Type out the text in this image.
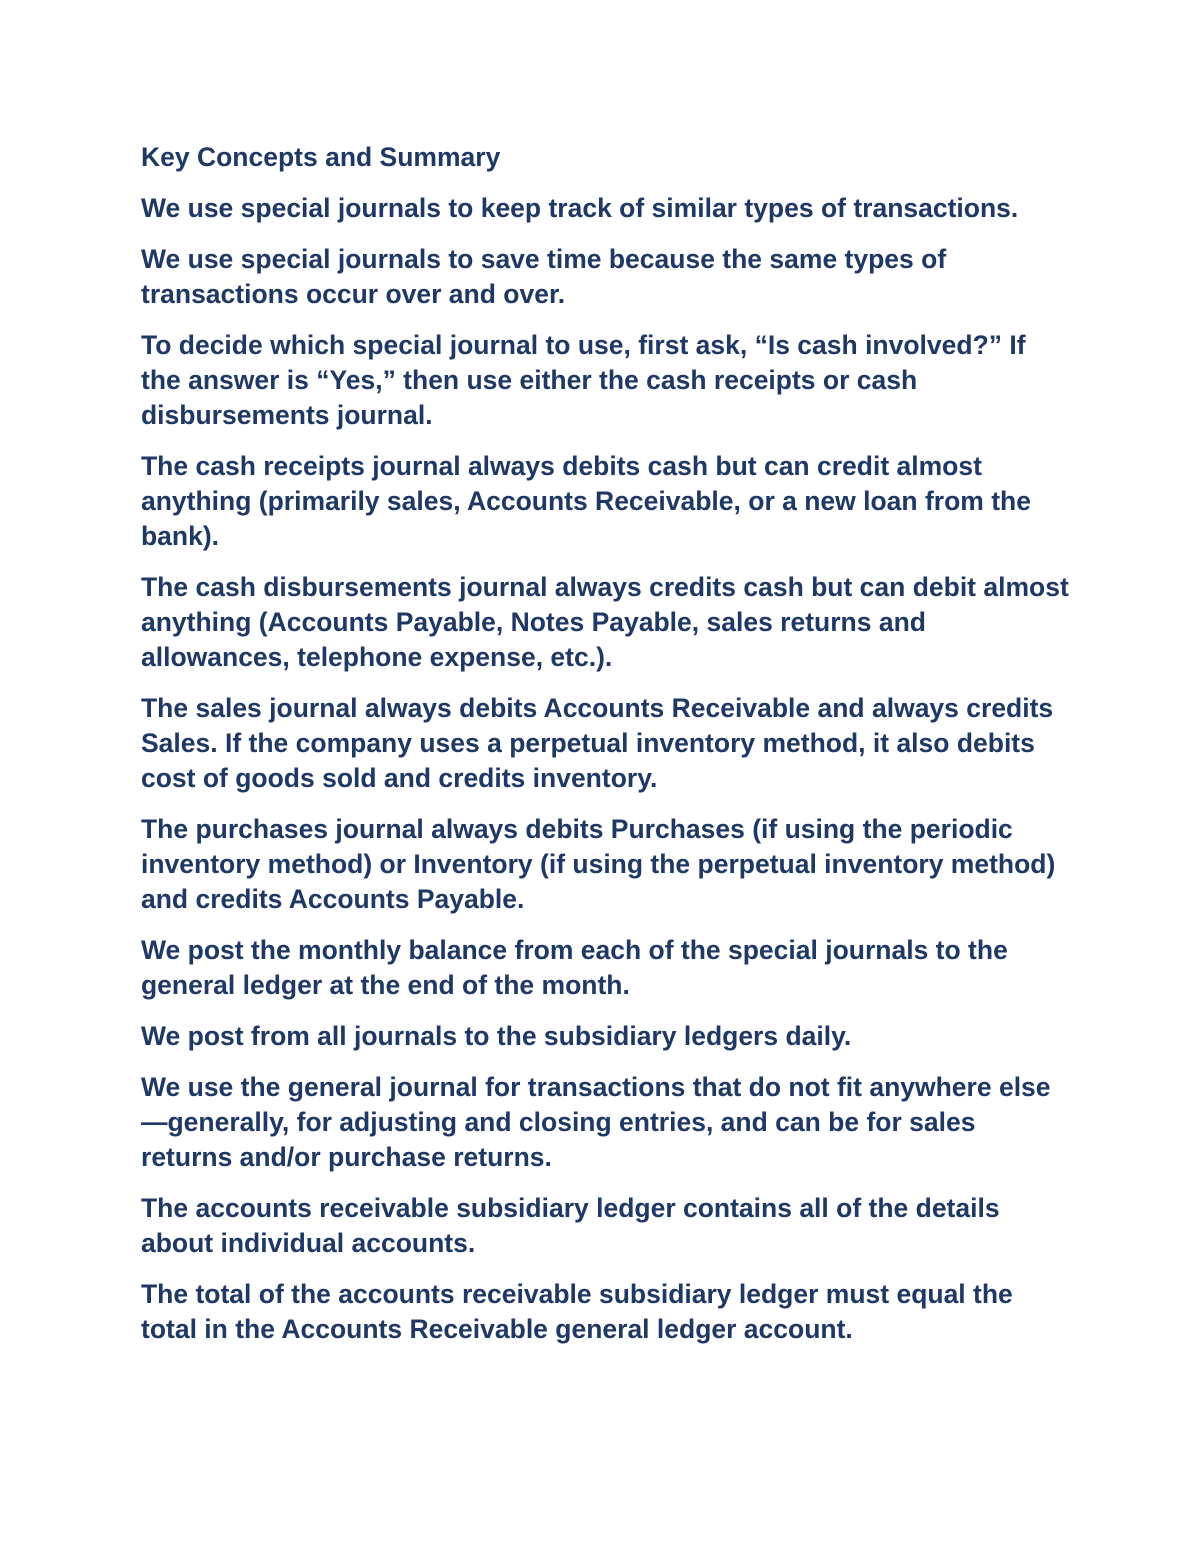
Key Concepts and Summary

We use special journals to keep track of similar types of transactions.

We use special journals to save time because the same types of transactions occur over and over.

To decide which special journal to use, first ask, “Is cash involved?” If the answer is “Yes,” then use either the cash receipts or cash disbursements journal.

The cash receipts journal always debits cash but can credit almost anything (primarily sales, Accounts Receivable, or a new loan from the bank).

The cash disbursements journal always credits cash but can debit almost anything (Accounts Payable, Notes Payable, sales returns and allowances, telephone expense, etc.).

The sales journal always debits Accounts Receivable and always credits Sales. If the company uses a perpetual inventory method, it also debits cost of goods sold and credits inventory.

The purchases journal always debits Purchases (if using the periodic inventory method) or Inventory (if using the perpetual inventory method) and credits Accounts Payable.

We post the monthly balance from each of the special journals to the general ledger at the end of the month.

We post from all journals to the subsidiary ledgers daily.

We use the general journal for transactions that do not fit anywhere else—generally, for adjusting and closing entries, and can be for sales returns and/or purchase returns.

The accounts receivable subsidiary ledger contains all of the details about individual accounts.

The total of the accounts receivable subsidiary ledger must equal the total in the Accounts Receivable general ledger account.
